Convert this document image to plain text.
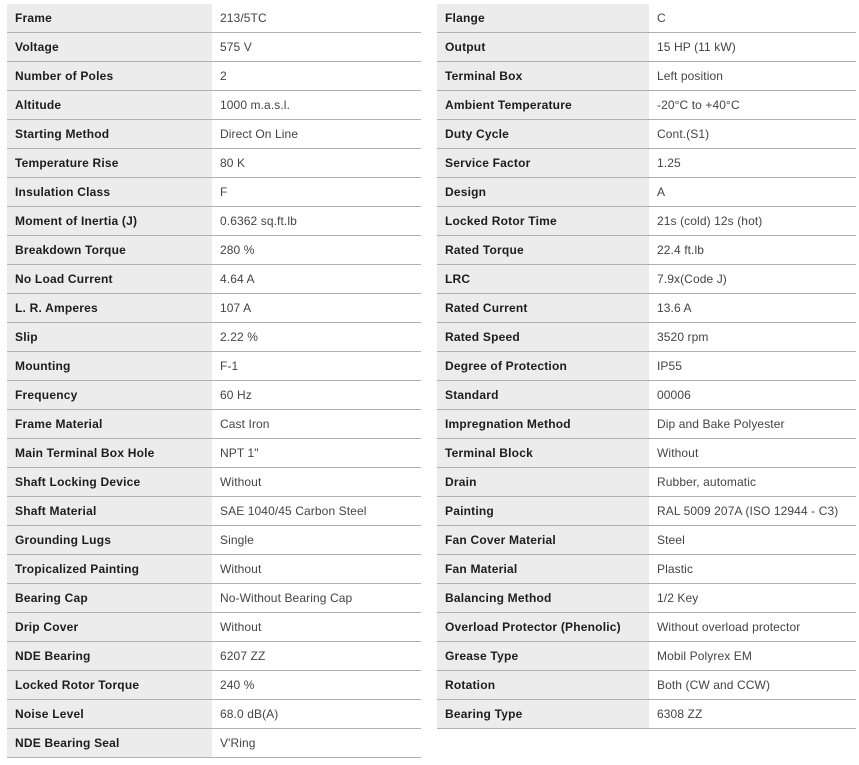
Frame	213/5TC
Voltage	575 V
Number of Poles	2
Altitude	1000 m.a.s.l.
Starting Method	Direct On Line
Temperature Rise	80 K
Insulation Class	F
Moment of Inertia (J)	0.6362 sq.ft.lb
Breakdown Torque	280 %
No Load Current	4.64 A
L. R. Amperes	107 A
Slip	2.22 %
Mounting	F-1
Frequency	60 Hz
Frame Material	Cast Iron
Main Terminal Box Hole	NPT 1"
Shaft Locking Device	Without
Shaft Material	SAE 1040/45 Carbon Steel
Grounding Lugs	Single
Tropicalized Painting	Without
Bearing Cap	No-Without Bearing Cap
Drip Cover	Without
NDE Bearing	6207 ZZ
Locked Rotor Torque	240 %
Noise Level	68.0 dB(A)
NDE Bearing Seal	V'Ring
Flange	C
Output	15 HP (11 kW)
Terminal Box	Left position
Ambient Temperature	-20°C to +40°C
Duty Cycle	Cont.(S1)
Service Factor	1.25
Design	A
Locked Rotor Time	21s (cold) 12s (hot)
Rated Torque	22.4 ft.lb
LRC	7.9x(Code J)
Rated Current	13.6 A
Rated Speed	3520 rpm
Degree of Protection	IP55
Standard	00006
Impregnation Method	Dip and Bake Polyester
Terminal Block	Without
Drain	Rubber, automatic
Painting	RAL 5009 207A (ISO 12944 - C3)
Fan Cover Material	Steel
Fan Material	Plastic
Balancing Method	1/2 Key
Overload Protector (Phenolic)	Without overload protector
Grease Type	Mobil Polyrex EM
Rotation	Both (CW and CCW)
Bearing Type	6308 ZZ
